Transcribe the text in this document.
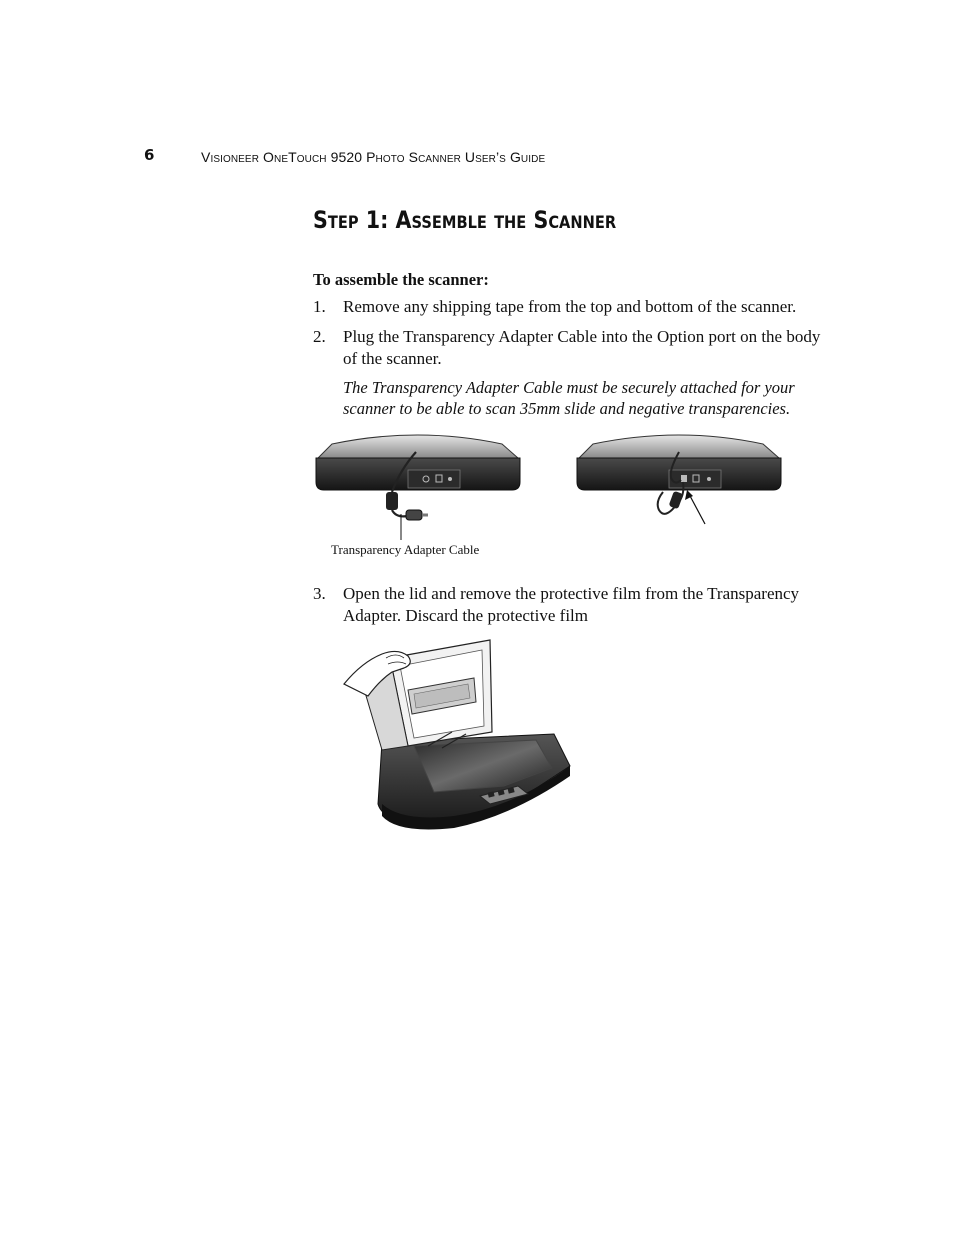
6	Visioneer OneTouch 9520 Photo Scanner User’s Guide
Step 1: Assemble the Scanner
To assemble the scanner:
1. Remove any shipping tape from the top and bottom of the scanner.
2. Plug the Transparency Adapter Cable into the Option port on the body of the scanner.
The Transparency Adapter Cable must be securely attached for your scanner to be able to scan 35mm slide and negative transparencies.
Transparency Adapter Cable
3. Open the lid and remove the protective film from the Transparency Adapter. Discard the protective film
